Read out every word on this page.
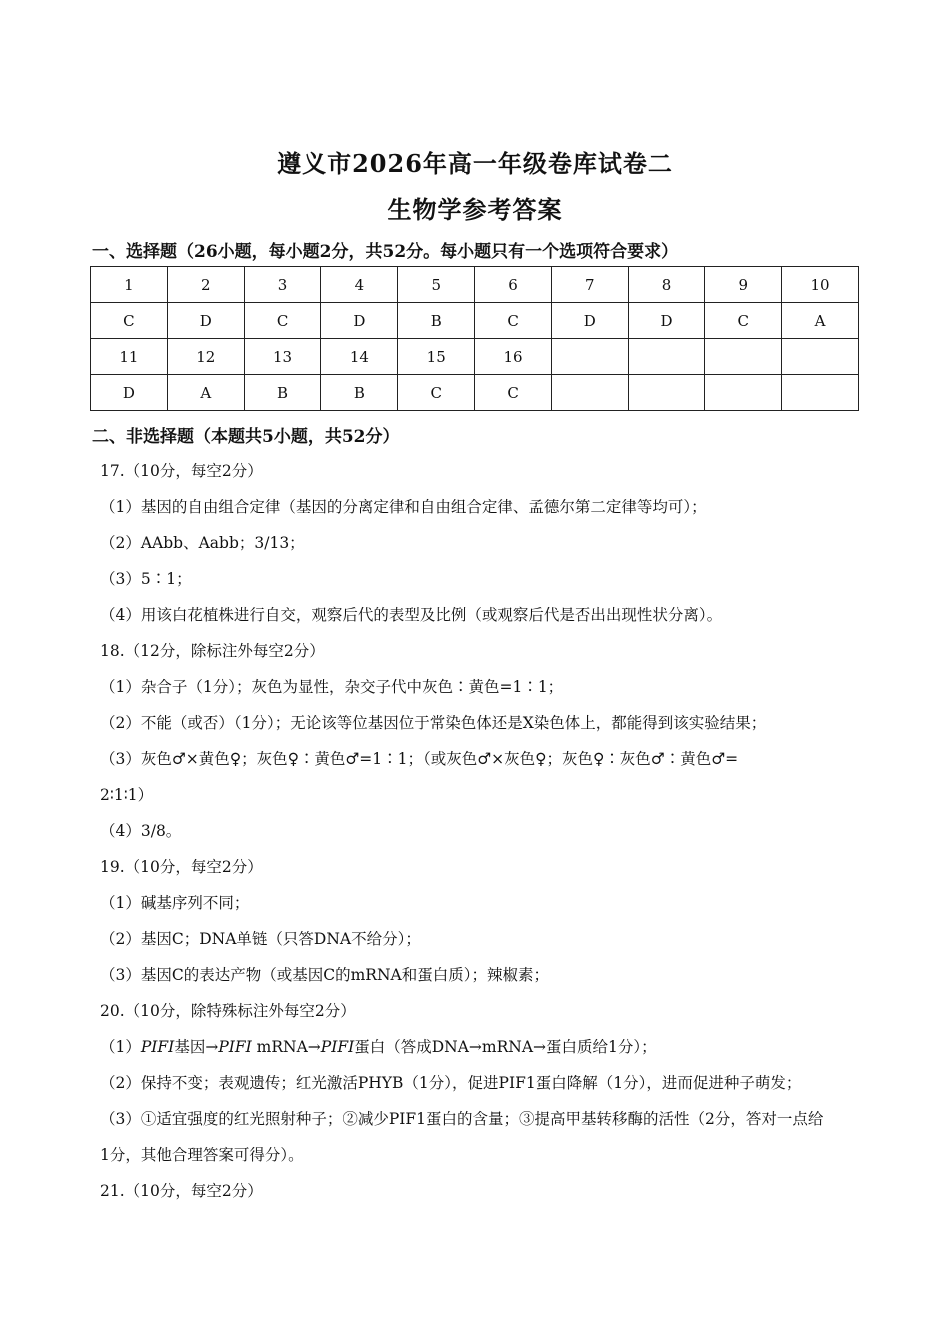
遵义市2026年高一年级卷库试卷二
生物学参考答案
一、选择题（26小题，每小题2分，共52分。每小题只有一个选项符合要求）
1	2	3	4	5	6	7	8	9	10
C	D	C	D	B	C	D	D	C	A
11	12	13	14	15	16				
D	A	B	B	C	C				
二、非选择题（本题共5小题，共52分）
17.（10分，每空2分）
（1）基因的自由组合定律（基因的分离定律和自由组合定律、孟德尔第二定律等均可）；
（2）AAbb、Aabb；3/13；
（3）5∶1；
（4）用该白花植株进行自交，观察后代的表型及比例（或观察后代是否出出现性状分离）。
18.（12分，除标注外每空2分）
（1）杂合子（1分）；灰色为显性，杂交子代中灰色∶黄色=1∶1；
（2）不能（或否）（1分）；无论该等位基因位于常染色体还是X染色体上，都能得到该实验结果；
（3）灰色♂×黄色♀；灰色♀∶黄色♂=1∶1；（或灰色♂×灰色♀；灰色♀∶灰色♂∶黄色♂=
2∶1∶1）
（4）3/8。
19.（10分，每空2分）
（1）碱基序列不同；
（2）基因C；DNA单链（只答DNA不给分）；
（3）基因C的表达产物（或基因C的mRNA和蛋白质）；辣椒素；
20.（10分，除特殊标注外每空2分）
（1）PIFI基因→PIFI mRNA→PIFI蛋白（答成DNA→mRNA→蛋白质给1分）；
（2）保持不变；表观遗传；红光激活PHYB（1分），促进PIF1蛋白降解（1分），进而促进种子萌发；
（3）①适宜强度的红光照射种子；②减少PIF1蛋白的含量；③提高甲基转移酶的活性（2分，答对一点给
1分，其他合理答案可得分）。
21.（10分，每空2分）
